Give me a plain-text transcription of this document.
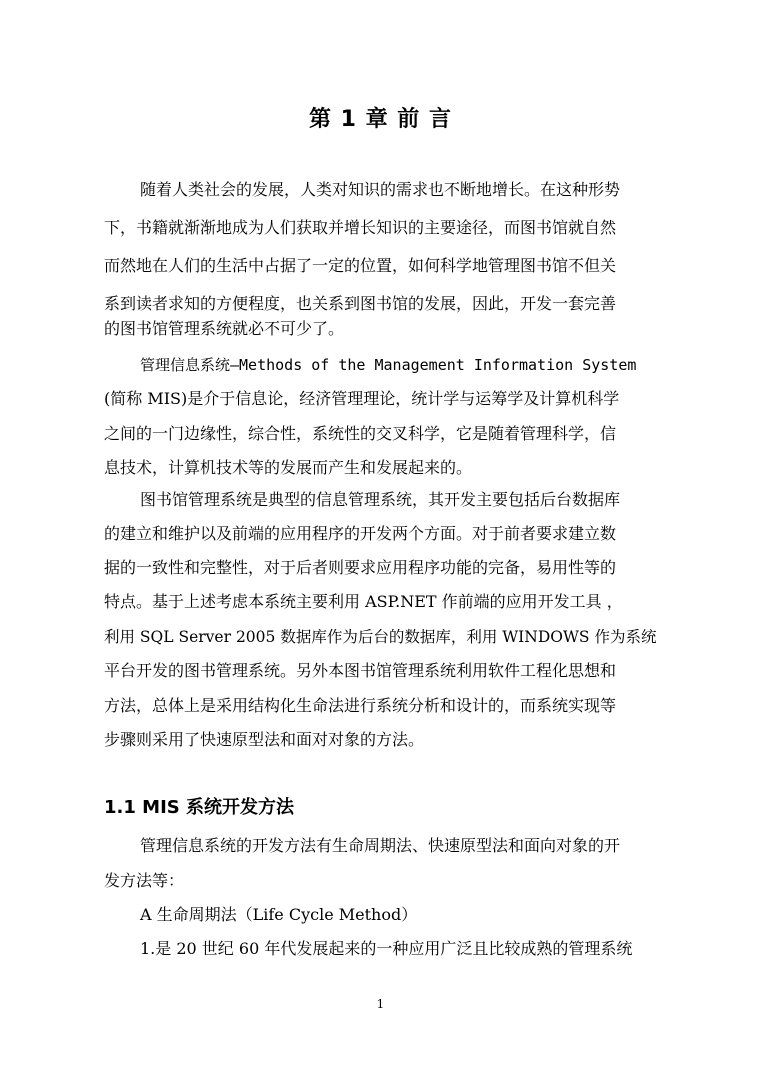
第 1 章 前 言
随着人类社会的发展，人类对知识的需求也不断地增长。在这种形势
下，书籍就渐渐地成为人们获取并增长知识的主要途径，而图书馆就自然
而然地在人们的生活中占据了一定的位置，如何科学地管理图书馆不但关
系到读者求知的方便程度，也关系到图书馆的发展，因此，开发一套完善
的图书馆管理系统就必不可少了。
管理信息系统—Methods of the Management Information System
(简称 MIS)是介于信息论，经济管理理论，统计学与运筹学及计算机科学
之间的一门边缘性，综合性，系统性的交叉科学，它是随着管理科学，信
息技术，计算机技术等的发展而产生和发展起来的。
图书馆管理系统是典型的信息管理系统，其开发主要包括后台数据库
的建立和维护以及前端的应用程序的开发两个方面。对于前者要求建立数
据的一致性和完整性，对于后者则要求应用程序功能的完备，易用性等的
特点。基于上述考虑本系统主要利用 ASP.NET 作前端的应用开发工具 ，
利用 SQL Server 2005 数据库作为后台的数据库，利用 WINDOWS 作为系统
平台开发的图书管理系统。另外本图书馆管理系统利用软件工程化思想和
方法，总体上是采用结构化生命法进行系统分析和设计的，而系统实现等
步骤则采用了快速原型法和面对对象的方法。
1.1 MIS 系统开发方法
管理信息系统的开发方法有生命周期法、快速原型法和面向对象的开
发方法等：
A 生命周期法（Life Cycle Method）
1.是 20 世纪 60 年代发展起来的一种应用广泛且比较成熟的管理系统
1
